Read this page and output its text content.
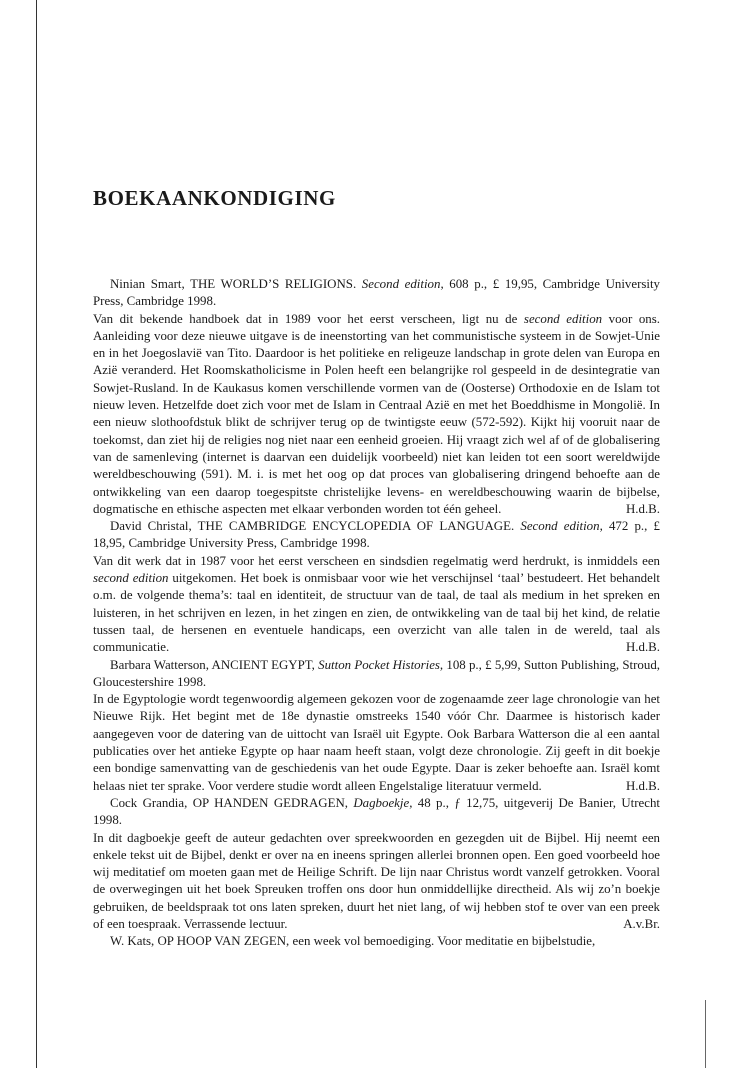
BOEKAANKONDIGING

Ninian Smart, THE WORLD’S RELIGIONS. Second edition, 608 p., £ 19,95, Cambridge University Press, Cambridge 1998.

Van dit bekende handboek dat in 1989 voor het eerst verscheen, ligt nu de second edition voor ons. Aanleiding voor deze nieuwe uitgave is de ineenstorting van het communistische systeem in de Sowjet-Unie en in het Joegoslavië van Tito. Daardoor is het politieke en religeuze landschap in grote delen van Europa en Azië veranderd. Het Roomskatholicisme in Polen heeft een belangrijke rol gespeeld in de desintegratie van Sowjet-Rusland. In de Kaukasus komen verschillende vormen van de (Oosterse) Orthodoxie en de Islam tot nieuw leven. Hetzelfde doet zich voor met de Islam in Centraal Azië en met het Boeddhisme in Mongolië. In een nieuw slothoofdstuk blikt de schrijver terug op de twintigste eeuw (572-592). Kijkt hij vooruit naar de toekomst, dan ziet hij de religies nog niet naar een eenheid groeien. Hij vraagt zich wel af of de globalisering van de samenleving (internet is daarvan een duidelijk voorbeeld) niet kan leiden tot een soort wereldwijde wereldbeschouwing (591). M. i. is met het oog op dat proces van globalisering dringend behoefte aan de ontwikkeling van een daarop toegespitste christelijke levens- en wereldbeschouwing waarin de bijbelse, dogmatische en ethische aspecten met elkaar verbonden worden tot één geheel.	H.d.B.

David Christal, THE CAMBRIDGE ENCYCLOPEDIA OF LANGUAGE. Second edition, 472 p., £ 18,95, Cambridge University Press, Cambridge 1998.

Van dit werk dat in 1987 voor het eerst verscheen en sindsdien regelmatig werd herdrukt, is inmiddels een second edition uitgekomen. Het boek is onmisbaar voor wie het verschijnsel ‘taal’ bestudeert. Het behandelt o.m. de volgende thema’s: taal en identiteit, de structuur van de taal, de taal als medium in het spreken en luisteren, in het schrijven en lezen, in het zingen en zien, de ontwikkeling van de taal bij het kind, de relatie tussen taal, de hersenen en eventuele handicaps, een overzicht van alle talen in de wereld, taal als communicatie.	H.d.B.

Barbara Watterson, ANCIENT EGYPT, Sutton Pocket Histories, 108 p., £ 5,99, Sutton Publishing, Stroud, Gloucestershire 1998.

In de Egyptologie wordt tegenwoordig algemeen gekozen voor de zogenaamde zeer lage chronologie van het Nieuwe Rijk. Het begint met de 18e dynastie omstreeks 1540 vóór Chr. Daarmee is historisch kader aangegeven voor de datering van de uittocht van Israël uit Egypte. Ook Barbara Watterson die al een aantal publicaties over het antieke Egypte op haar naam heeft staan, volgt deze chronologie. Zij geeft in dit boekje een bondige samenvatting van de geschiedenis van het oude Egypte. Daar is zeker behoefte aan. Israël komt helaas niet ter sprake. Voor verdere studie wordt alleen Engelstalige literatuur vermeld.	H.d.B.

Cock Grandia, OP HANDEN GEDRAGEN, Dagboekje, 48 p., ƒ 12,75, uitgeverij De Banier, Utrecht 1998.

In dit dagboekje geeft de auteur gedachten over spreekwoorden en gezegden uit de Bijbel. Hij neemt een enkele tekst uit de Bijbel, denkt er over na en ineens springen allerlei bronnen open. Een goed voorbeeld hoe wij meditatief om moeten gaan met de Heilige Schrift. De lijn naar Christus wordt vanzelf getrokken. Vooral de overwegingen uit het boek Spreuken troffen ons door hun onmiddellijke directheid. Als wij zo’n boekje gebruiken, de beeldspraak tot ons laten spreken, duurt het niet lang, of wij hebben stof te over van een preek of een toespraak. Verrassende lectuur.	A.v.Br.

W. Kats, OP HOOP VAN ZEGEN, een week vol bemoediging. Voor meditatie en bijbelstudie,
